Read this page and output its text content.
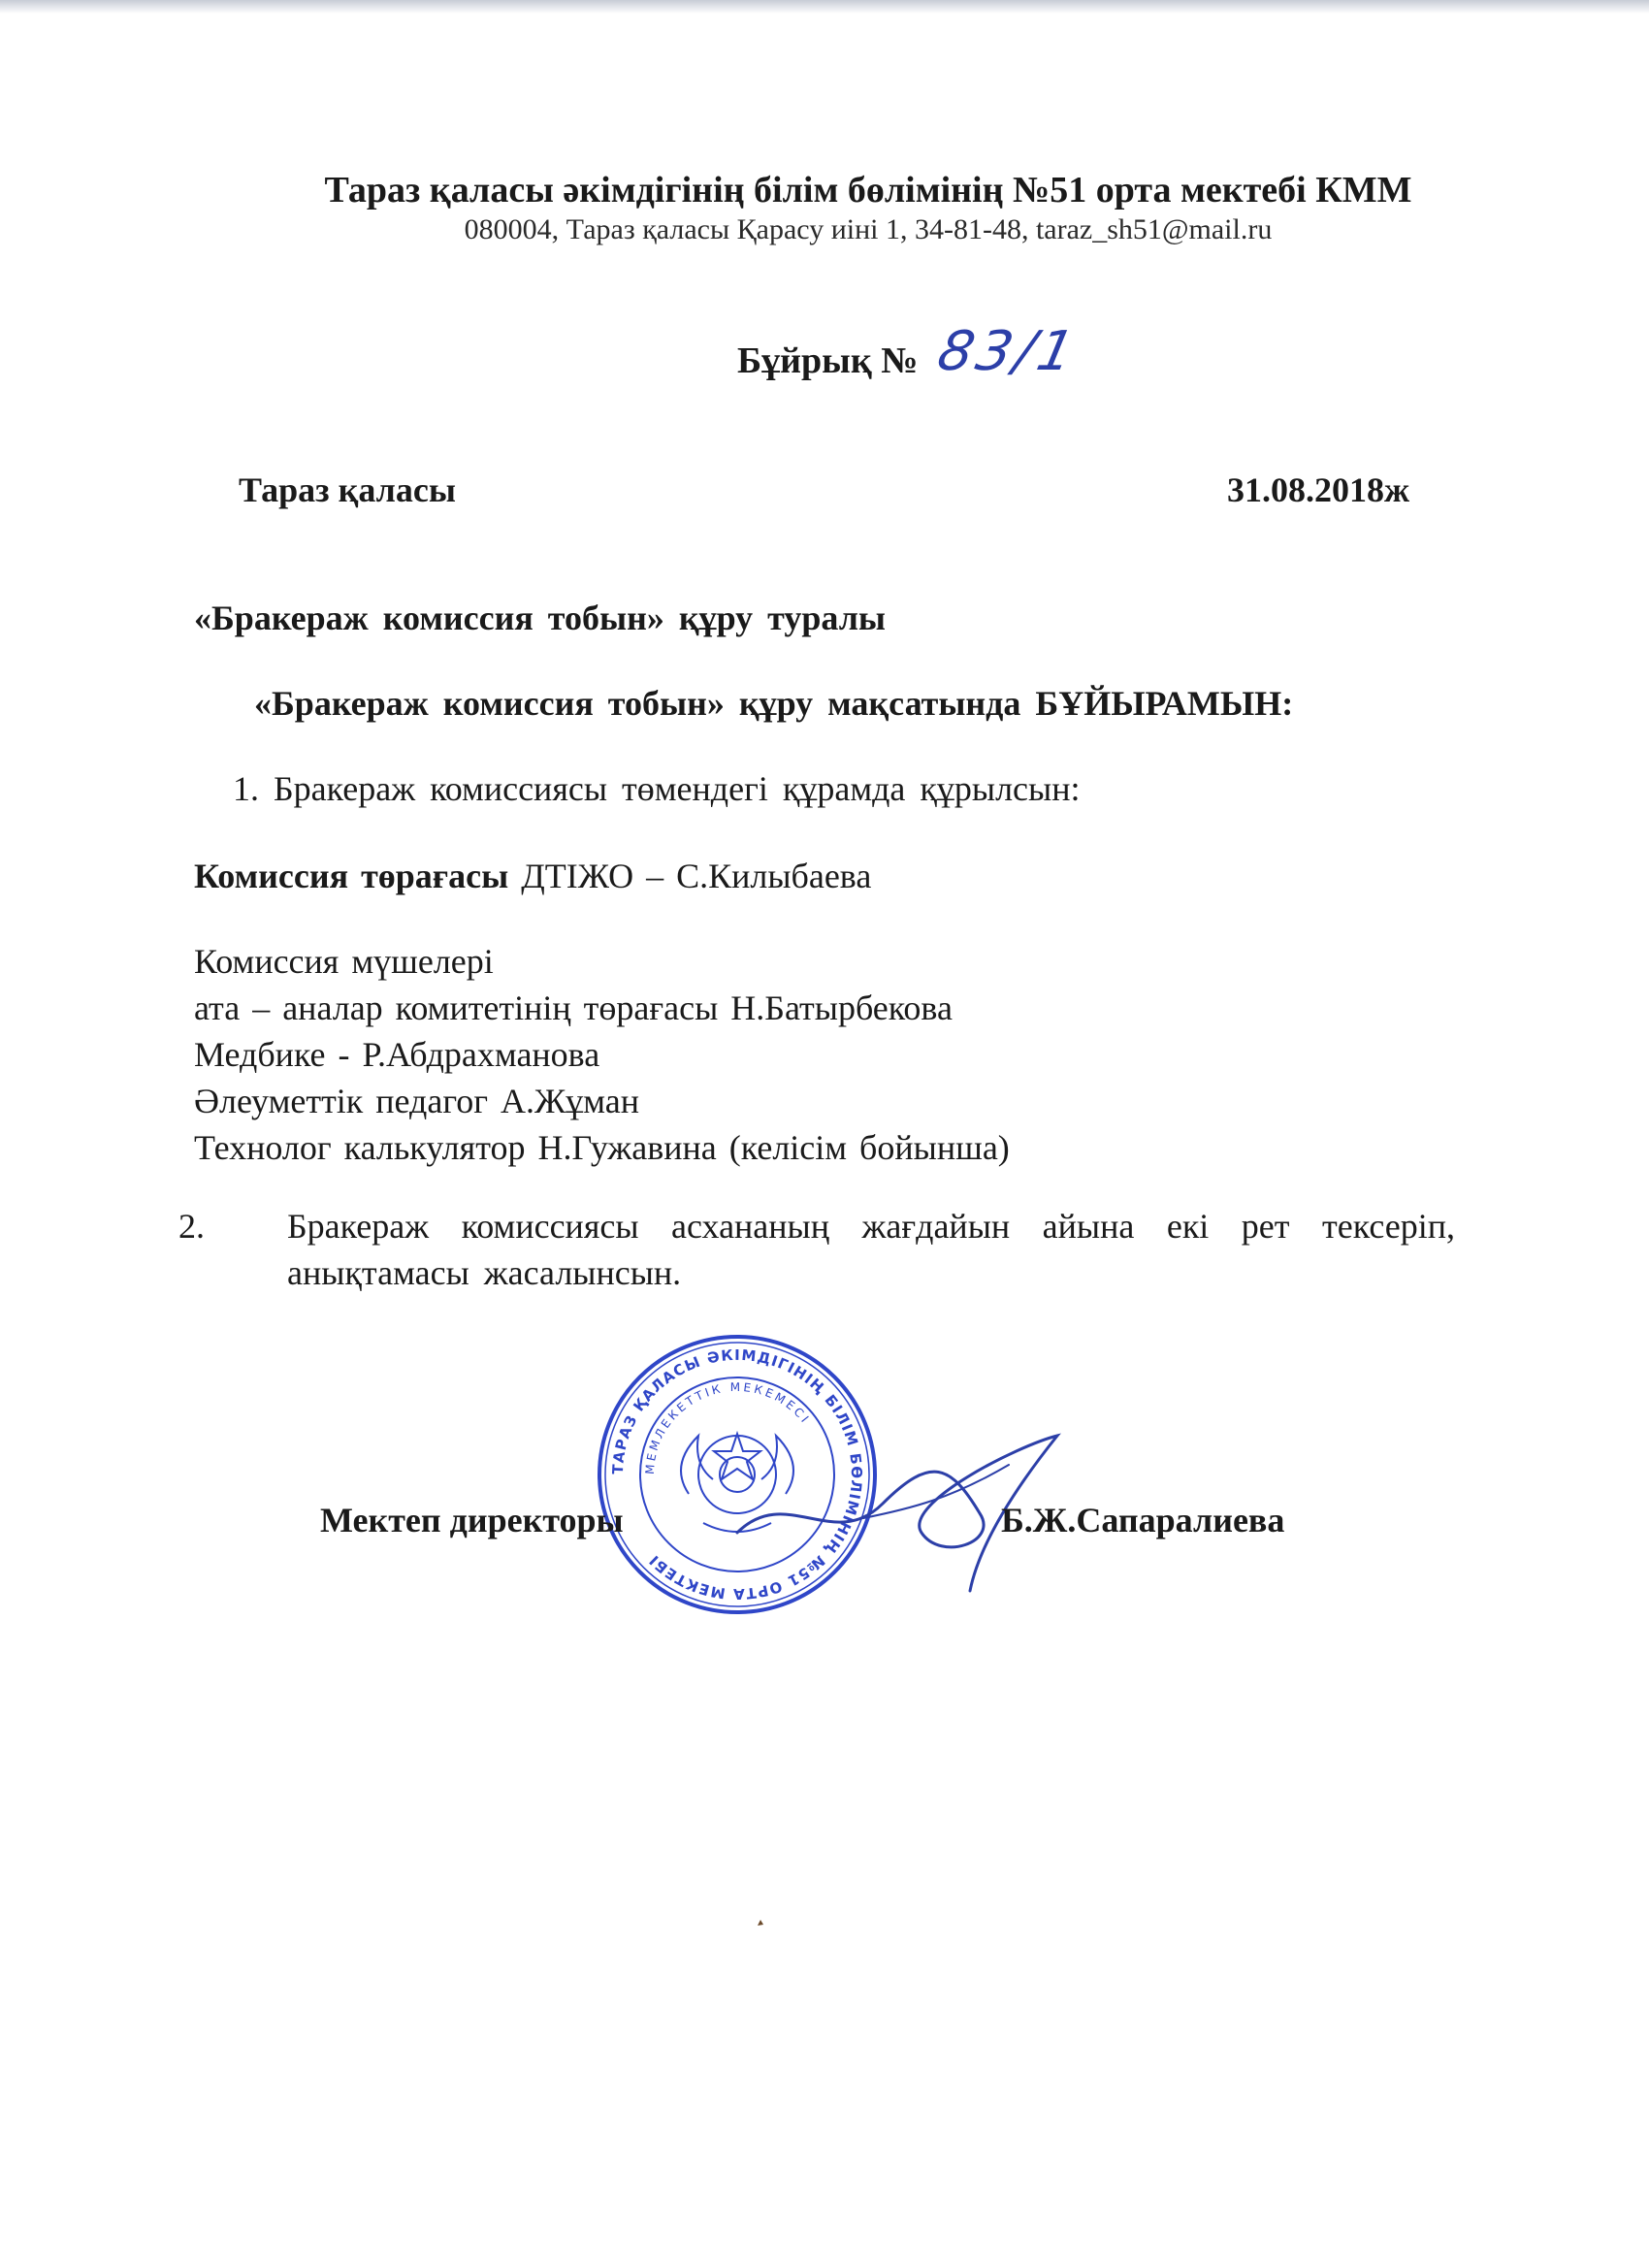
Тараз қаласы әкімдігінің білім бөлімінің №51 орта мектебі КММ
080004, Тараз қаласы Қарасу иіні 1, 34-81-48, taraz_sh51@mail.ru
Бұйрық № 83/1
Тараз қаласы	31.08.2018ж
«Бракераж комиссия тобын» құру туралы
«Бракераж комиссия тобын» құру мақсатында БҰЙЫРАМЫН:
1. Бракераж комиссиясы төмендегі құрамда құрылсын:
Комиссия төрағасы ДТІЖО – С.Килыбаева
Комиссия мүшелері
ата – аналар комитетінің төрағасы Н.Батырбекова
Медбике - Р.Абдрахманова
Әлеуметтік педагог А.Жұман
Технолог калькулятор Н.Гужавина (келісім бойынша)
2. Бракераж комиссиясы асхананың жағдайын айына екі рет тексеріп, анықтамасы жасалынсын.
ТАРАЗ ҚАЛАСЫ ӘКІМДІГІНІҢ БІЛІМ БӨЛІМІНІҢ №51 ОРТА МЕКТЕБІ
МЕМЛЕКЕТТІК МЕКЕМЕСІ
Мектеп директоры	Б.Ж.Сапаралиева
